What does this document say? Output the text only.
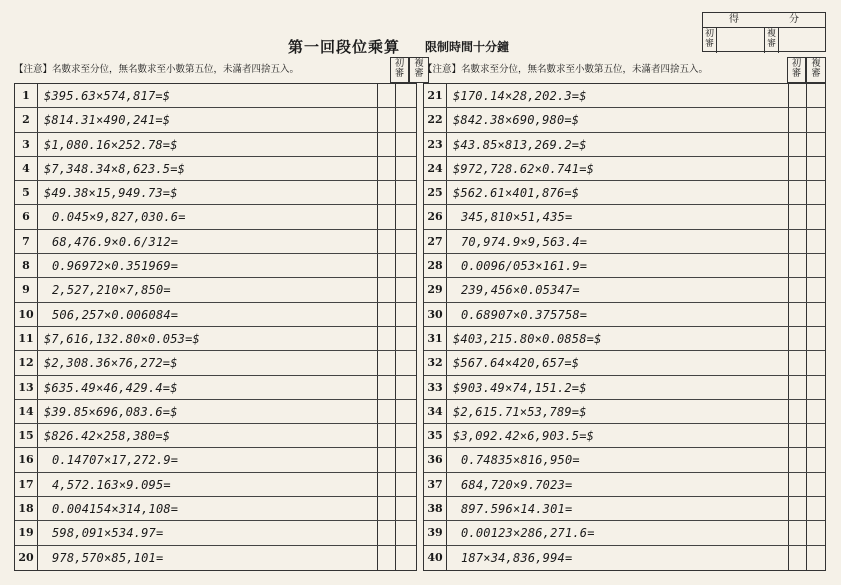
得	分
初審
複審
第一回段位乘算 限制時間十分鐘
【注意】名數求至分位，無名數求至小數第五位，未滿者四捨五入。
初審
複審
1	$395.63×574,817=$
2	$814.31×490,241=$
3	$1,080.16×252.78=$
4	$7,348.34×8,623.5=$
5	$49.38×15,949.73=$
6	0.045×9,827,030.6=
7	68,476.9×0.6/312=
8	0.96972×0.351969=
9	2,527,210×7,850=
10	506,257×0.006084=
11 $7,616,132.80×0.053=$
12 $2,308.36×76,272=$
13 $635.49×46,429.4=$
14 $39.85×696,083.6=$
15 $826.42×258,380=$
16	0.14707×17,272.9=
17	4,572.163×9.095=
18	0.004154×314,108=
19	598,091×534.97=
20	978,570×85,101=
【注意】名數求至分位，無名數求至小數第五位，未滿者四捨五入。
初審
複審
21 $170.14×28,202.3=$
22 $842.38×690,980=$
23 $43.85×813,269.2=$
24 $972,728.62×0.741=$
25 $562.61×401,876=$
26	345,810×51,435=
27	70,974.9×9,563.4=
28	0.0096/053×161.9=
29	239,456×0.05347=
30	0.68907×0.375758=
31 $403,215.80×0.0858=$
32 $567.64×420,657=$
33 $903.49×74,151.2=$
34 $2,615.71×53,789=$
35 $3,092.42×6,903.5=$
36	0.74835×816,950=
37	684,720×9.7023=
38	897.596×14.301=
39	0.00123×286,271.6=
40	187×34,836,994=
